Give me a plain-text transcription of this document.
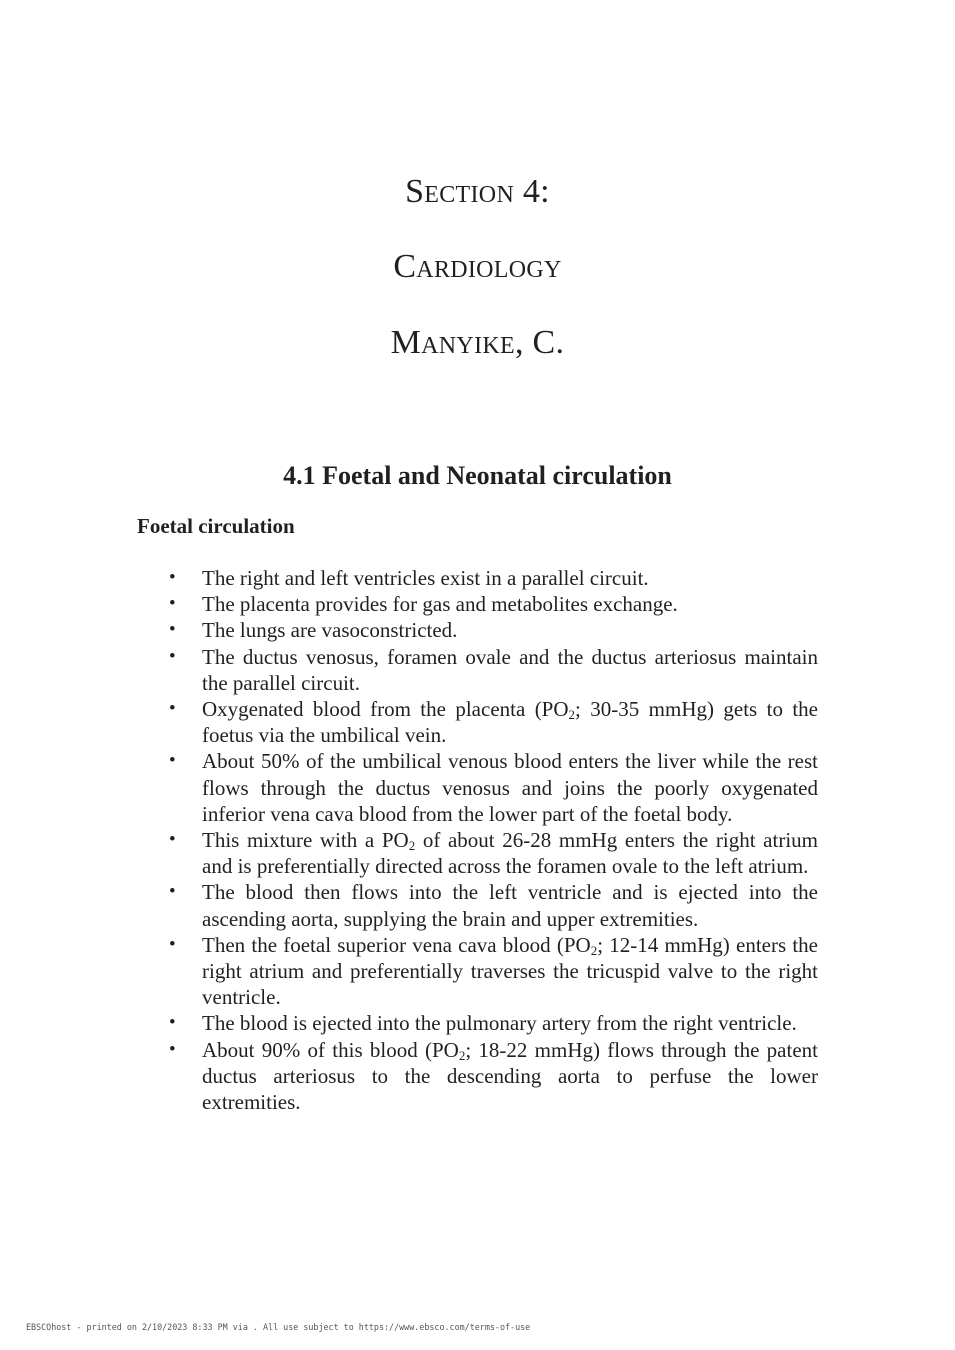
Section 4:
Cardiology
Manyike, C.
4.1 Foetal and Neonatal circulation
Foetal circulation
• The right and left ventricles exist in a parallel circuit.
• The placenta provides for gas and metabolites exchange.
• The lungs are vasoconstricted.
• The ductus venosus, foramen ovale and the ductus arteriosus maintain the parallel circuit.
• Oxygenated blood from the placenta ($PO_2$; 30-35 mmHg) gets to the foetus via the umbilical vein.
• About 50% of the umbilical venous blood enters the liver while the rest flows through the ductus venosus and joins the poorly oxygenated inferior vena cava blood from the lower part of the foetal body.
• This mixture with a $PO_2$ of about 26-28 mmHg enters the right atrium and is preferentially directed across the foramen ovale to the left atrium.
• The blood then flows into the left ventricle and is ejected into the ascending aorta, supplying the brain and upper extremities.
• Then the foetal superior vena cava blood ($PO_2$; 12-14 mmHg) enters the right atrium and preferentially traverses the tricuspid valve to the right ventricle.
• The blood is ejected into the pulmonary artery from the right ventricle.
• About 90% of this blood ($PO_2$; 18-22 mmHg) flows through the patent ductus arteriosus to the descending aorta to perfuse the lower extremities.
EBSCOhost - printed on 2/10/2023 8:33 PM via . All use subject to https://www.ebsco.com/terms-of-use
